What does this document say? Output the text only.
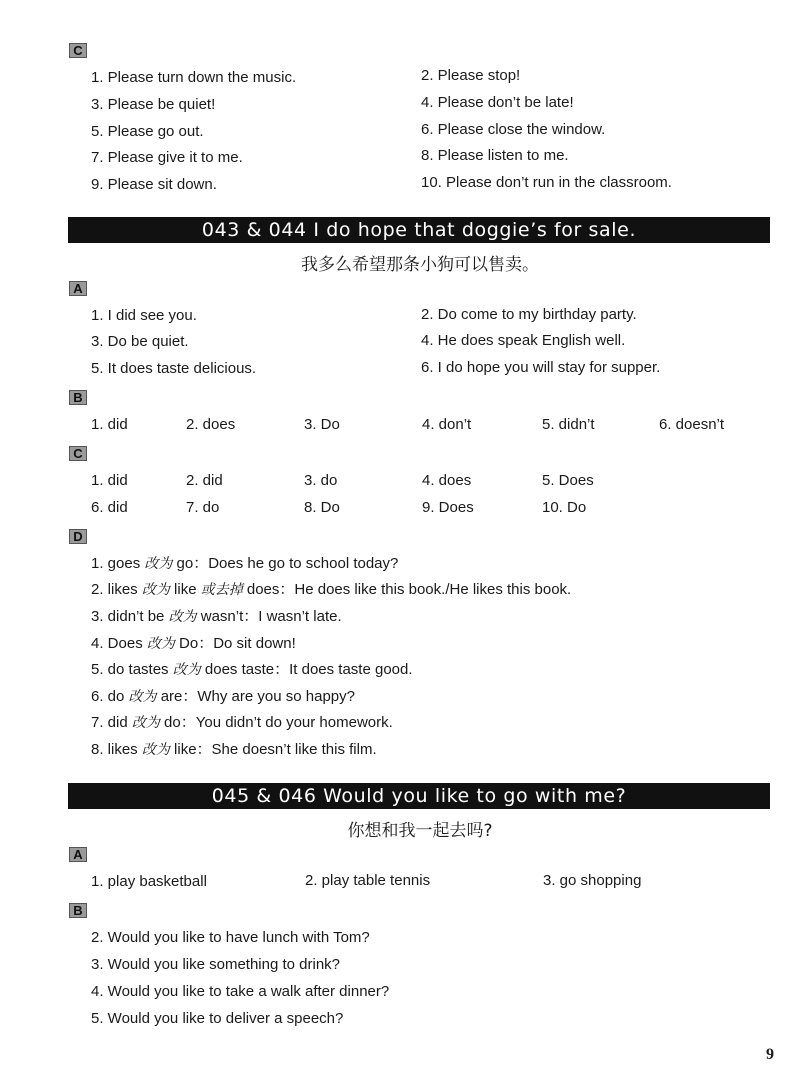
C
1. Please turn down the music.	2. Please stop!
3. Please be quiet!	4. Please don’t be late!
5. Please go out.	6. Please close the window.
7. Please give it to me.	8. Please listen to me.
9. Please sit down.	10. Please don’t run in the classroom.
043 & 044 I do hope that doggie’s for sale.
我多么希望那条小狗可以售卖。
A
1. I did see you.	2. Do come to my birthday party.
3. Do be quiet.	4. He does speak English well.
5. It does taste delicious.	6. I do hope you will stay for supper.
B
1. did	2. does	3. Do	4. don’t	5. didn’t	6. doesn’t
C
1. did	2. did	3. do	4. does	5. Does
6. did	7. do	8. Do	9. Does	10. Do
D
1. goes 改为 go：Does he go to school today?
2. likes 改为 like 或去掉 does：He does like this book./He likes this book.
3. didn’t be 改为 wasn’t：I wasn’t late.
4. Does 改为 Do：Do sit down!
5. do tastes 改为 does taste：It does taste good.
6. do 改为 are：Why are you so happy?
7. did 改为 do：You didn’t do your homework.
8. likes 改为 like：She doesn’t like this film.
045 & 046 Would you like to go with me?
你想和我一起去吗?
A
1. play basketball	2. play table tennis	3. go shopping
B
2. Would you like to have lunch with Tom?
3. Would you like something to drink?
4. Would you like to take a walk after dinner?
5. Would you like to deliver a speech?
9
